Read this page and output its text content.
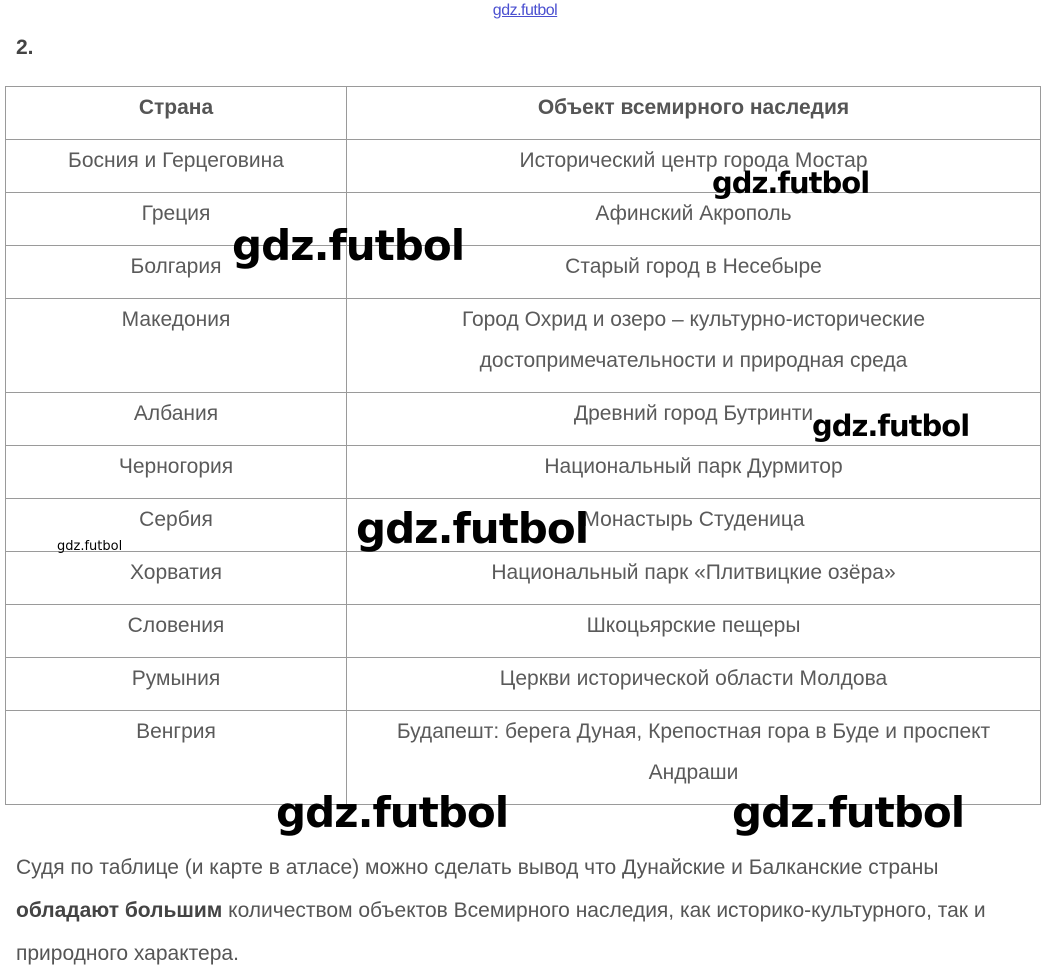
gdz.futbol
2.
Страна	Объект всемирного наследия
Босния и Герцеговина	Исторический центр города Мостар
Греция	Афинский Акрополь
Болгария	Старый город в Несебыре
Македония	Город Охрид и озеро – культурно-исторические достопримечательности и природная среда
Албания	Древний город Бутринти
Черногория	Национальный парк Дурмитор
Сербия	Монастырь Студеница
Хорватия	Национальный парк «Плитвицкие озёра»
Словения	Шкоцьярские пещеры
Румыния	Церкви исторической области Молдова
Венгрия	Будапешт: берега Дуная, Крепостная гора в Буде и проспект Андраши
Судя по таблице (и карте в атласе) можно сделать вывод что Дунайские и Балканские страны обладают большим количеством объектов Всемирного наследия, как историко-культурного, так и природного характера.
gdz.futbol
gdz.futbol
gdz.futbol
gdz.futbol
gdz.futbol
gdz.futbol	gdz.futbol
